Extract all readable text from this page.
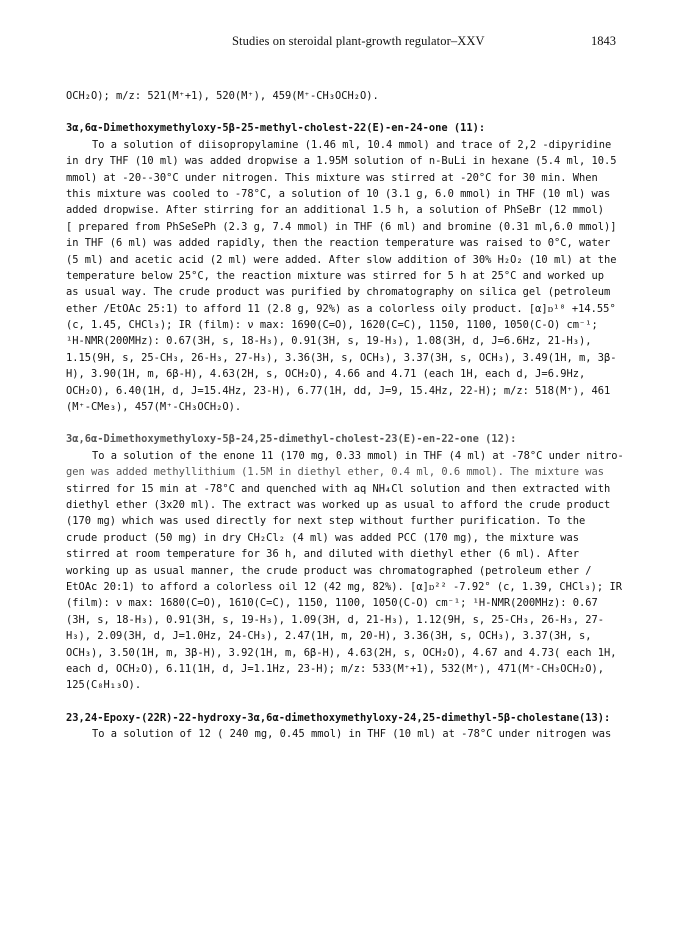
Studies on steroidal plant-growth regulator–XXV	1843
OCH₂O); m/z: 521(M⁺+1), 520(M⁺), 459(M⁺-CH₃OCH₂O).
3α,6α-Dimethoxymethyloxy-5β-25-methyl-cholest-22(E)-en-24-one (11):
To a solution of diisopropylamine (1.46 ml, 10.4 mmol) and trace of 2,2 -dipyridine
in dry THF (10 ml) was added dropwise a 1.95M solution of n-BuLi in hexane (5.4 ml, 10.5
mmol) at -20--30°C under nitrogen. This mixture was stirred at -20°C for 30 min. When
this mixture was cooled to -78°C, a solution of 10 (3.1 g, 6.0 mmol) in THF (10 ml) was
added dropwise. After stirring for an additional 1.5 h, a solution of PhSeBr (12 mmol)
[ prepared from PhSeSePh (2.3 g, 7.4 mmol) in THF (6 ml) and bromine (0.31 ml,6.0 mmol)]
in THF (6 ml) was added rapidly, then the reaction temperature was raised to 0°C, water
(5 ml) and acetic acid (2 ml) were added. After slow addition of 30% H₂O₂ (10 ml) at the
temperature below 25°C, the reaction mixture was stirred for 5 h at 25°C and worked up
as usual way. The crude product was purified by chromatography on silica gel (petroleum
ether /EtOAc 25:1) to afford 11 (2.8 g, 92%) as a colorless oily product. [α]ᴅ¹⁸ +14.55°
(c, 1.45, CHCl₃); IR (film): ν max: 1690(C=O), 1620(C=C), 1150, 1100, 1050(C-O) cm⁻¹;
¹H-NMR(200MHz): 0.67(3H, s, 18-H₃), 0.91(3H, s, 19-H₃), 1.08(3H, d, J=6.6Hz, 21-H₃),
1.15(9H, s, 25-CH₃, 26-H₃, 27-H₃), 3.36(3H, s, OCH₃), 3.37(3H, s, OCH₃), 3.49(1H, m, 3β-
H), 3.90(1H, m, 6β-H), 4.63(2H, s, OCH₂O), 4.66 and 4.71 (each 1H, each d, J=6.9Hz,
OCH₂O), 6.40(1H, d, J=15.4Hz, 23-H), 6.77(1H, dd, J=9, 15.4Hz, 22-H); m/z: 518(M⁺), 461
(M⁺-CMe₃), 457(M⁺-CH₃OCH₂O).
3α,6α-Dimethoxymethyloxy-5β-24,25-dimethyl-cholest-23(E)-en-22-one (12):
To a solution of the enone 11 (170 mg, 0.33 mmol) in THF (4 ml) at -78°C under nitro-
gen was added methyllithium (1.5M in diethyl ether, 0.4 ml, 0.6 mmol). The mixture was
stirred for 15 min at -78°C and quenched with aq NH₄Cl solution and then extracted with
diethyl ether (3x20 ml). The extract was worked up as usual to afford the crude product
(170 mg) which was used directly for next step without further purification. To the
crude product (50 mg) in dry CH₂Cl₂ (4 ml) was added PCC (170 mg), the mixture was
stirred at room temperature for 36 h, and diluted with diethyl ether (6 ml). After
working up as usual manner, the crude product was chromatographed (petroleum ether /
EtOAc 20:1) to afford a colorless oil 12 (42 mg, 82%). [α]ᴅ²² -7.92° (c, 1.39, CHCl₃); IR
(film): ν max: 1680(C=O), 1610(C=C), 1150, 1100, 1050(C-O) cm⁻¹; ¹H-NMR(200MHz): 0.67
(3H, s, 18-H₃), 0.91(3H, s, 19-H₃), 1.09(3H, d, 21-H₃), 1.12(9H, s, 25-CH₃, 26-H₃, 27-
H₃), 2.09(3H, d, J=1.0Hz, 24-CH₃), 2.47(1H, m, 20-H), 3.36(3H, s, OCH₃), 3.37(3H, s,
OCH₃), 3.50(1H, m, 3β-H), 3.92(1H, m, 6β-H), 4.63(2H, s, OCH₂O), 4.67 and 4.73( each 1H,
each d, OCH₂O), 6.11(1H, d, J=1.1Hz, 23-H); m/z: 533(M⁺+1), 532(M⁺), 471(M⁺-CH₃OCH₂O),
125(C₈H₁₃O).
23,24-Epoxy-(22R)-22-hydroxy-3α,6α-dimethoxymethyloxy-24,25-dimethyl-5β-cholestane(13):
To a solution of 12 ( 240 mg, 0.45 mmol) in THF (10 ml) at -78°C under nitrogen was
